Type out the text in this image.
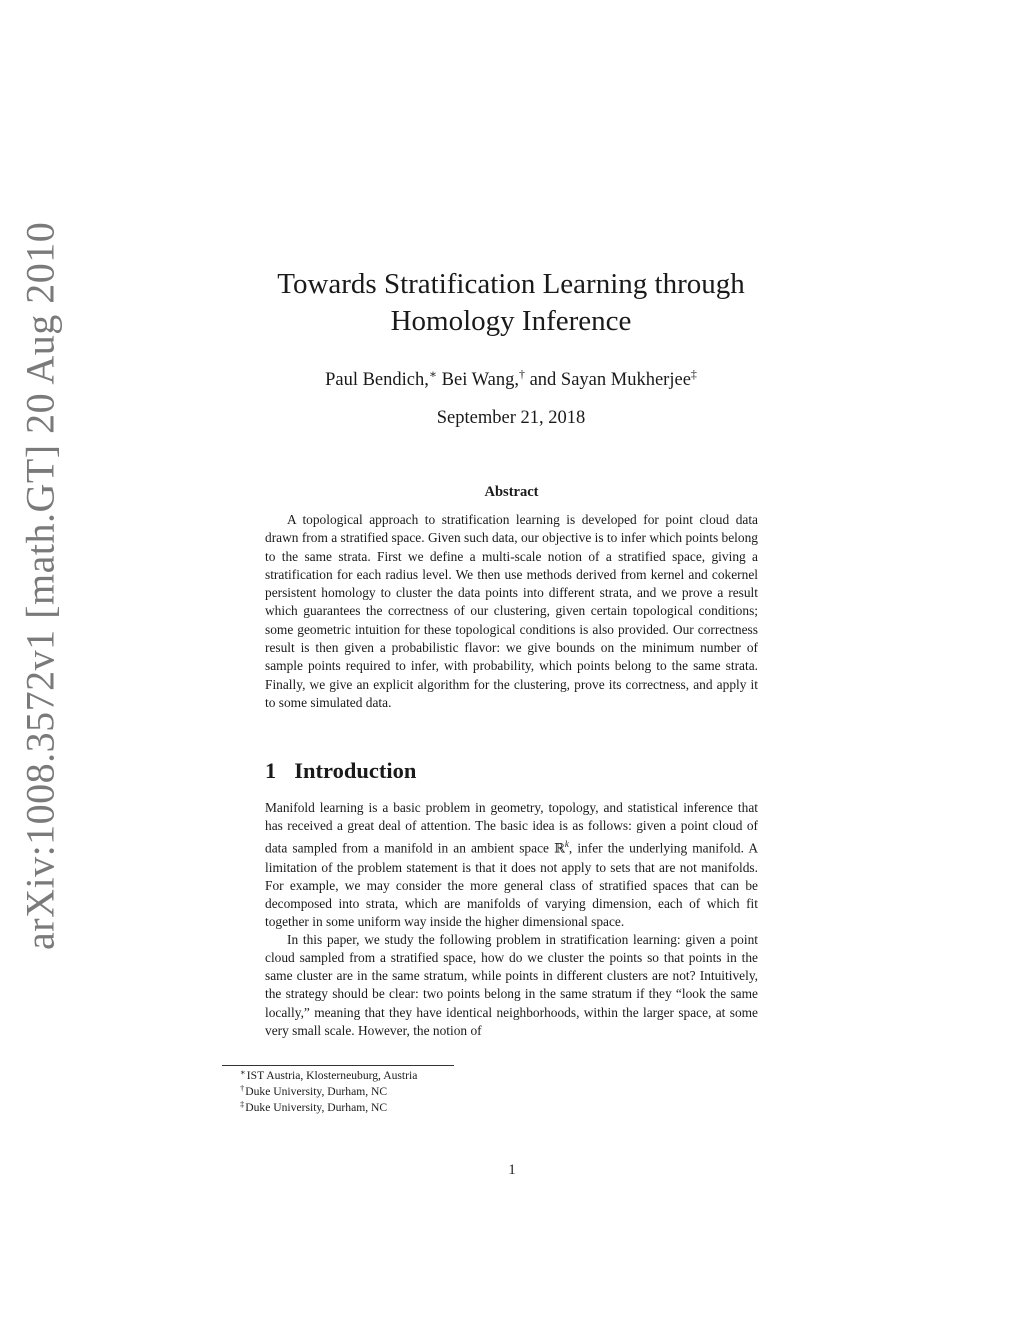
arXiv:1008.3572v1 [math.GT] 20 Aug 2010	Towards Stratification Learning through
Homology Inference
Paul Bendich,∗ Bei Wang,† and Sayan Mukherjee‡
September 21, 2018
Abstract

A topological approach to stratification learning is developed for point cloud data drawn from a stratified space. Given such data, our objective is to infer which points belong to the same strata. First we define a multi-scale notion of a stratified space, giving a stratification for each radius level. We then use methods derived from kernel and cokernel persistent homology to cluster the data points into different strata, and we prove a result which guarantees the correctness of our clustering, given certain topological conditions; some geometric intuition for these topological conditions is also provided. Our correctness result is then given a probabilistic flavor: we give bounds on the minimum number of sample points required to infer, with probability, which points belong to the same strata. Finally, we give an explicit algorithm for the clustering, prove its correctness, and apply it to some simulated data.

1 Introduction

Manifold learning is a basic problem in geometry, topology, and statistical inference that has received a great deal of attention. The basic idea is as follows: given a point cloud of data sampled from a manifold in an ambient space ℝ$^k$, infer the underlying manifold. A limitation of the problem statement is that it does not apply to sets that are not manifolds. For example, we may consider the more general class of stratified spaces that can be decomposed into strata, which are manifolds of varying dimension, each of which fit together in some uniform way inside the higher dimensional space.

In this paper, we study the following problem in stratification learning: given a point cloud sampled from a stratified space, how do we cluster the points so that points in the same cluster are in the same stratum, while points in different clusters are not? Intuitively, the strategy should be clear: two points belong in the same stratum if they “look the same locally,” meaning that they have identical neighborhoods, within the larger space, at some very small scale. However, the notion of

∗IST Austria, Klosterneuburg, Austria
†Duke University, Durham, NC
‡Duke University, Durham, NC
1
